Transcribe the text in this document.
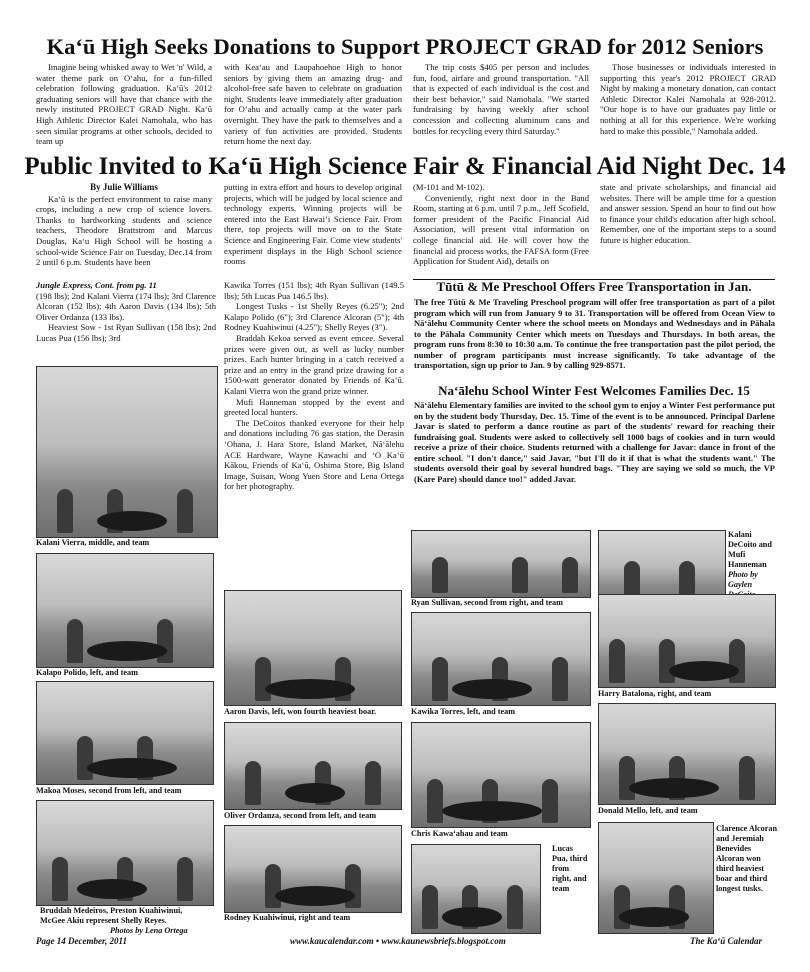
Ka‘ū High Seeks Donations to Support PROJECT GRAD for 2012 Seniors

Imagine being whisked away to Wet 'n' Wild, a water theme park on O‘ahu, for a fun-filled celebration following graduation. Ka‘ū's 2012 graduating seniors will have that chance with the newly instituted PROJECT GRAD Night. Ka‘ū High Athletic Director Kalei Namohala, who has seen similar programs at other schools, decided to team up

with Kea‘au and Laupahoehoe High to honor seniors by giving them an amazing drug- and alcohol-free safe haven to celebrate on graduation night. Students leave immediately after graduation for O‘ahu and actually camp at the water park overnight. They have the park to themselves and a variety of fun activities are provided. Students return home the next day.

The trip costs $405 per person and includes fun, food, airfare and ground transportation. "All that is expected of each individual is the cost and their best behavior," said Namohala. "We started fundraising by having weekly after school concession and collecting aluminum cans and bottles for recycling every third Saturday."

Those businesses or individuals interested in supporting this year's 2012 PROJECT GRAD Night by making a monetary donation, can contact Athletic Director Kalei Namohala at 928-2012. "Our hope is to have our graduates pay little or nothing at all for this experience. We're working hard to make this possible," Namohala added.

Public Invited to Ka‘ū High Science Fair & Financial Aid Night Dec. 14
By Julie Williams

Ka‘ū is the perfect environment to raise many crops, including a new crop of science lovers. Thanks to hardworking students and science teachers, Theodore Brattstrom and Marcus Douglas, Ka‘u High School will be hosting a school-wide Science Fair on Tuesday, Dec.14 from 2 until 6 p.m. Students have been

putting in extra effort and hours to develop original projects, which will be judged by local science and technology experts. Winning projects will be entered into the East Hawai‘i Science Fair. From there, top projects will move on to the State Science and Engineering Fair. Come view students' experiment displays in the High School science rooms

(M-101 and M-102).

Conveniently, right next door in the Band Room, starting at 6 p.m. until 7 p.m., Jeff Scofield, former president of the Pacific Financial Aid Association, will present vital information on college financial aid. He will cover how the financial aid process works, the FAFSA form (Free Application for Student Aid), details on

state and private scholarships, and financial aid websites. There will be ample time for a question and answer session. Spend an hour to find out how to finance your child's education after high school. Remember, one of the important steps to a sound future is higher education.

Jungle Express, Cont. from pg. 11

(198 lbs); 2nd Kalani Vierra (174 lbs); 3rd Clarence Alcoran (152 lbs); 4th Aaron Davis (134 lbs); 5th Oliver Ordanza (133 lbs).

Heaviest Sow - 1st Ryan Sullivan (158 lbs); 2nd Lucas Pua (156 lbs); 3rd

Kawika Torres (151 lbs); 4th Ryan Sullivan (149.5 lbs); 5th Lucas Pua 146.5 lbs).

Longest Tusks - 1st Shelly Reyes (6.25"); 2nd Kalapo Polido (6"); 3rd Clarence Alcoran (5"); 4th Rodney Kuahiwinui (4.25"); Shelly Reyes (3").

Braddah Kekoa served as event emcee. Several prizes were given out, as well as lucky number prizes. Each hunter bringing in a catch received a prize and an entry in the grand prize drawing for a 1500-watt generator donated by Friends of Ka‘ū. Kalani Vierra won the grand prize winner.

Mufi Hanneman stopped by the event and greeted local hunters.

The DeCoitos thanked everyone for their help and donations including 76 gas station, the Derasin ‘Ohana, J. Hara Store, Island Market, Nā‘ālehu ACE Hardware, Wayne Kawachi and ‘O Ka‘ū Kākou, Friends of Ka‘ū, Oshima Store, Big Island Image, Suisan, Wong Yuen Store and Lena Ortega for her photography.

Tūtū & Me Preschool Offers Free Transportation in Jan.
The free Tūtū & Me Traveling Preschool program will offer free transportation as part of a pilot program which will run from January 9 to 31. Transportation will be offered from Ocean View to Nā‘ālehu Community Center where the school meets on Mondays and Wednesdays and in Pāhala to the Pāhala Community Center which meets on Tuesdays and Thursdays. In both areas, the program runs from 8:30 to 10:30 a.m. To continue the free transportation past the pilot period, the number of program participants must increase significantly. To take advantage of the transportation, sign up prior to Jan. 9 by calling 929-8571.
Na‘ālehu School Winter Fest Welcomes Families Dec. 15
Nā‘ālehu Elementary families are invited to the school gym to enjoy a Winter Fest performance put on by the student body Thursday, Dec. 15. Time of the event is to be announced. Principal Darlene Javar is slated to perform a dance routine as part of the students' reward for reaching their fundraising goal. Students were asked to collectively sell 1000 bags of cookies and in turn would receive a prize of their choice. Students returned with a challenge for Javar: dance in front of the entire school. "I don't dance," said Javar, "but I'll do it if that is what the students want." The students oversold their goal by several hundred bags. "They are saying we sold so much, the VP (Kare Pare) should dance too!" added Javar.
Kalani Vierra, middle, and team
Kalapo Polido, left, and team
Makoa Moses, second from left, and team
Bruddah Medeiros, Preston Kuahiwinui,
McGee Akiu represent Shelly Reyes.
Photos by Lena Ortega
Aaron Davis, left, won fourth heaviest boar.
Oliver Ordanza, second from left, and team
Rodney Kuahiwinui, right and team
Ryan Sullivan, second from right, and team
Kawika Torres, left, and team
Chris Kawa‘ahau and team
Lucas Pua, third from right, and team
Kalani DeCoito and Mufi Hanneman
Photo by Gaylen
Harry Batalona, right, and team
Donald Mello, left, and team
Clarence Alcoran and Jeremiah Benevides Alcoran won third heaviest boar and third longest tusks.
Page 14 December, 2011	www.kaucalendar.com • www.kaunewsbriefs.blogspot.com	The Ka‘ū Calendar
